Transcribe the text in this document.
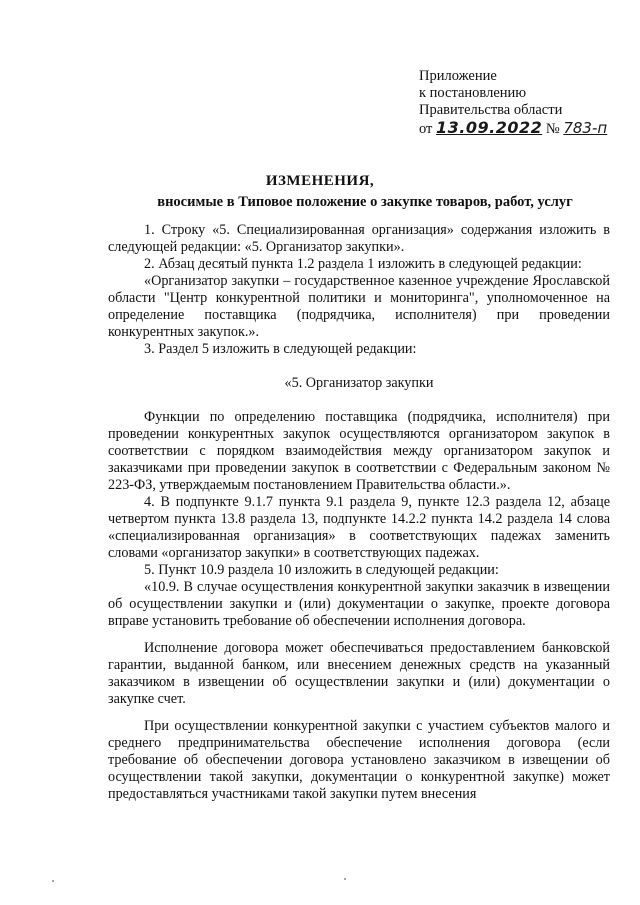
Приложение
к постановлению
Правительства области
от 13.09.2022 № 783-п
ИЗМЕНЕНИЯ,
вносимые в Типовое положение о закупке товаров, работ, услуг

1. Строку «5. Специализированная организация» содержания изложить в следующей редакции: «5. Организатор закупки».

2. Абзац десятый пункта 1.2 раздела 1 изложить в следующей редакции:

«Организатор закупки – государственное казенное учреждение Ярославской области "Центр конкурентной политики и мониторинга", уполномоченное на определение поставщика (подрядчика, исполнителя) при проведении конкурентных закупок.».

3. Раздел 5 изложить в следующей редакции:

«5. Организатор закупки

Функции по определению поставщика (подрядчика, исполнителя) при проведении конкурентных закупок осуществляются организатором закупок в соответствии с порядком взаимодействия между организатором закупок и заказчиками при проведении закупок в соответствии с Федеральным законом № 223-ФЗ, утверждаемым постановлением Правительства области.».

4. В подпункте 9.1.7 пункта 9.1 раздела 9, пункте 12.3 раздела 12, абзаце четвертом пункта 13.8 раздела 13, подпункте 14.2.2 пункта 14.2 раздела 14 слова «специализированная организация» в соответствующих падежах заменить словами «организатор закупки» в соответствующих падежах.

5. Пункт 10.9 раздела 10 изложить в следующей редакции:

«10.9. В случае осуществления конкурентной закупки заказчик в извещении об осуществлении закупки и (или) документации о закупке, проекте договора вправе установить требование об обеспечении исполнения договора.

Исполнение договора может обеспечиваться предоставлением банковской гарантии, выданной банком, или внесением денежных средств на указанный заказчиком в извещении об осуществлении закупки и (или) документации о закупке счет.

При осуществлении конкурентной закупки с участием субъектов малого и среднего предпринимательства обеспечение исполнения договора (если требование об обеспечении договора установлено заказчиком в извещении об осуществлении такой закупки, документации о конкурентной закупке) может предоставляться участниками такой закупки путем внесения
